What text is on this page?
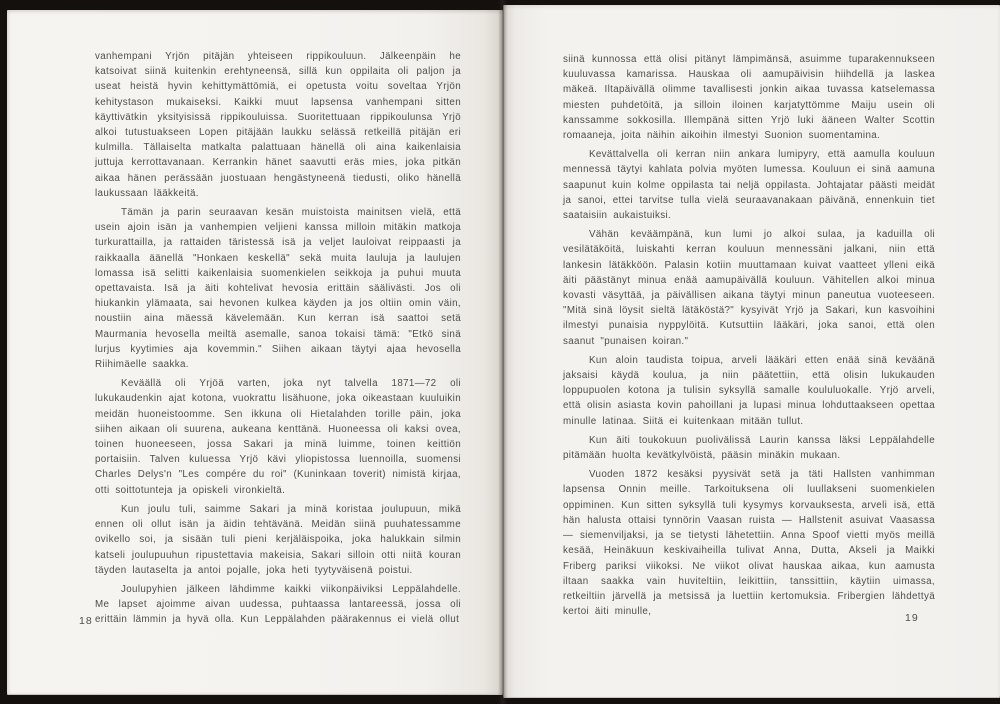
vanhempani Yrjön pitäjän yhteiseen rippikouluun. Jälkeenpäin he katsoivat siinä kuitenkin erehtyneensä, sillä kun oppilaita oli paljon ja useat heistä hyvin kehittymättömiä, ei opetusta voitu soveltaa Yrjön kehitystason mukaiseksi. Kaikki muut lapsensa vanhempani sitten käyttivätkin yksityisissä rippikouluissa. Suoritettuaan rippikoulunsa Yrjö alkoi tutustuakseen Lopen pitäjään laukku selässä retkeillä pitäjän eri kulmilla. Tällaiselta matkalta palattuaan hänellä oli aina kaikenlaisia juttuja kerrottavanaan. Kerrankin hänet saavutti eräs mies, joka pitkän aikaa hänen perässään juostuaan hengästyneenä tiedusti, oliko hänellä laukussaan lääkkeitä.

Tämän ja parin seuraavan kesän muistoista mainitsen vielä, että usein ajoin isän ja vanhempien veljieni kanssa milloin mitäkin matkoja turkurattailla, ja rattaiden täristessä isä ja veljet lauloivat reippaasti ja raikkaalla äänellä "Honkaen keskellä" sekä muita lauluja ja laulujen lomassa isä selitti kaikenlaisia suomenkielen seikkoja ja puhui muuta opettavaista. Isä ja äiti kohtelivat hevosia erittäin säälivästi. Jos oli hiukankin ylämaata, sai hevonen kulkea käyden ja jos oltiin omin väin, noustiin aina mäessä kävelemään. Kun kerran isä saattoi setä Maurmania hevosella meiltä asemalle, sanoa tokaisi tämä: "Etkö sinä lurjus kyytimies aja kovemmin." Siihen aikaan täytyi ajaa hevosella Riihimäelle saakka.

Keväällä oli Yrjöä varten, joka nyt talvella 1871—72 oli lukukaudenkin ajat kotona, vuokrattu lisähuone, joka oikeastaan kuuluikin meidän huoneistoomme. Sen ikkuna oli Hietalahden torille päin, joka siihen aikaan oli suurena, aukeana kenttänä. Huoneessa oli kaksi ovea, toinen huoneeseen, jossa Sakari ja minä luimme, toinen keittiön portaisiin. Talven kuluessa Yrjö kävi yliopistossa luennoilla, suomensi Charles Delys'n "Les compére du roi" (Kuninkaan toverit) nimistä kirjaa, otti soittotunteja ja opiskeli vironkieltä.

Kun joulu tuli, saimme Sakari ja minä koristaa joulupuun, mikä ennen oli ollut isän ja äidin tehtävänä. Meidän siinä puuhatessamme ovikello soi, ja sisään tuli pieni kerjäläispoika, joka halukkain silmin katseli joulupuuhun ripustettavia makeisia, Sakari silloin otti niitä kouran täyden lautaselta ja antoi pojalle, joka heti tyytyväisenä poistui.

Joulupyhien jälkeen lähdimme kaikki viikonpäiviksi Leppälahdelle. Me lapset ajoimme aivan uudessa, puhtaassa lantareessä, jossa oli erittäin lämmin ja hyvä olla. Kun Leppälahden päärakennus ei vielä ollut

siinä kunnossa että olisi pitänyt lämpimänsä, asuimme tuparakennukseen kuuluvassa kamarissa. Hauskaa oli aamupäivisin hiihdellä ja laskea mäkeä. Iltapäivällä olimme tavallisesti jonkin aikaa tuvassa katselemassa miesten puhdetöitä, ja silloin iloinen karjatyttömme Maiju usein oli kanssamme sokkosilla. Illempänä sitten Yrjö luki ääneen Walter Scottin romaaneja, joita näihin aikoihin ilmestyi Suonion suomentamina.

Kevättalvella oli kerran niin ankara lumipyry, että aamulla kouluun mennessä täytyi kahlata polvia myöten lumessa. Kouluun ei sinä aamuna saapunut kuin kolme oppilasta tai neljä oppilasta. Johtajatar päästi meidät ja sanoi, ettei tarvitse tulla vielä seuraavanakaan päivänä, ennenkuin tiet saataisiin aukaistuiksi.

Vähän keväämpänä, kun lumi jo alkoi sulaa, ja kaduilla oli vesilätäköitä, luiskahti kerran kouluun mennessäni jalkani, niin että lankesin lätäkköön. Palasin kotiin muuttamaan kuivat vaatteet ylleni eikä äiti päästänyt minua enää aamupäivällä kouluun. Vähitellen alkoi minua kovasti väsyttää, ja päivällisen aikana täytyi minun paneutua vuoteeseen. "Mitä sinä löysit sieltä lätäköstä?" kysyivät Yrjö ja Sakari, kun kasvoihini ilmestyi punaisia nyppylöitä. Kutsuttiin lääkäri, joka sanoi, että olen saanut "punaisen koiran."

Kun aloin taudista toipua, arveli lääkäri etten enää sinä keväänä jaksaisi käydä koulua, ja niin päätettiin, että olisin lukukauden loppupuolen kotona ja tulisin syksyllä samalle koululuokalle. Yrjö arveli, että olisin asiasta kovin pahoillani ja lupasi minua lohduttaakseen opettaa minulle latinaa. Siitä ei kuitenkaan mitään tullut.

Kun äiti toukokuun puolivälissä Laurin kanssa läksi Leppälahdelle pitämään huolta kevätkylvöistä, pääsin minäkin mukaan.

Vuoden 1872 kesäksi pyysivät setä ja täti Hallsten vanhimman lapsensa Onnin meille. Tarkoituksena oli luullakseni suomenkielen oppiminen. Kun sitten syksyllä tuli kysymys korvauksesta, arveli isä, että hän halusta ottaisi tynnörin Vaasan ruista — Hallstenit asuivat Vaasassa — siemenviljaksi, ja se tietysti lähetettiin. Anna Spoof vietti myös meillä kesää, Heinäkuun keskivaiheilla tulivat Anna, Dutta, Akseli ja Maikki Friberg pariksi viikoksi. Ne viikot olivat hauskaa aikaa, kun aamusta iltaan saakka vain huviteltiin, leikittiin, tanssittiin, käytiin uimassa, retkeiltiin järvellä ja metsissä ja luettiin kertomuksia. Fribergien lähdettyä kertoi äiti minulle,

18	19
